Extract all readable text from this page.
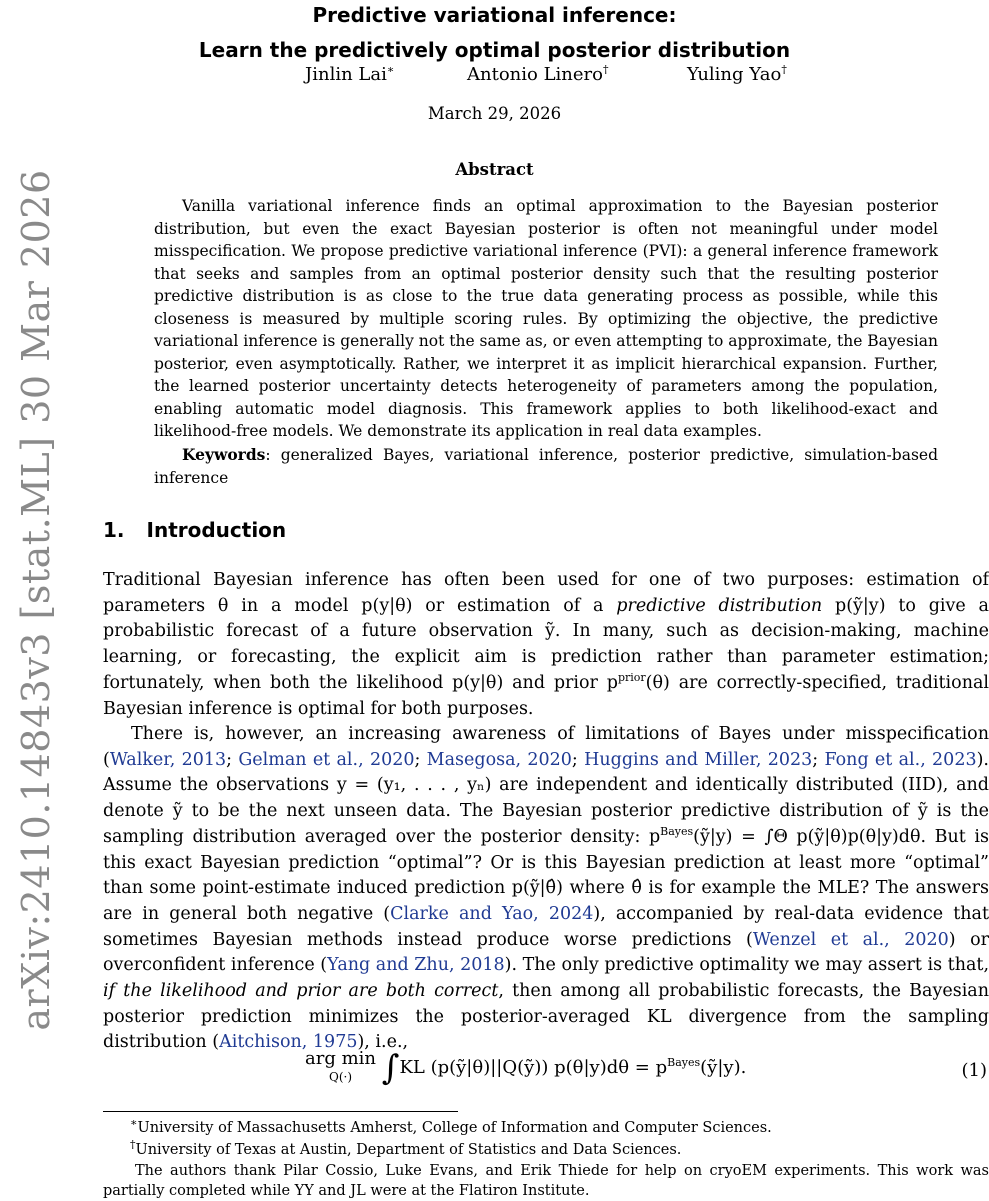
arXiv:2410.14843v3 [stat.ML] 30 Mar 2026
Predictive variational inference:
Learn the predictively optimal posterior distribution
Jinlin Lai∗	Antonio Linero†	Yuling Yao†
March 29, 2026
Abstract

Vanilla variational inference finds an optimal approximation to the Bayesian posterior distribution, but even the exact Bayesian posterior is often not meaningful under model misspecification. We propose predictive variational inference (PVI): a general inference framework that seeks and samples from an optimal posterior density such that the resulting posterior predictive distribution is as close to the true data generating process as possible, while this closeness is measured by multiple scoring rules. By optimizing the objective, the predictive variational inference is generally not the same as, or even attempting to approximate, the Bayesian posterior, even asymptotically. Rather, we interpret it as implicit hierarchical expansion. Further, the learned posterior uncertainty detects heterogeneity of parameters among the population, enabling automatic model diagnosis. This framework applies to both likelihood-exact and likelihood-free models. We demonstrate its application in real data examples.

Keywords: generalized Bayes, variational inference, posterior predictive, simulation-based inference

1. Introduction

Traditional Bayesian inference has often been used for one of two purposes: estimation of parameters θ in a model p(y|θ) or estimation of a predictive distribution p(ỹ|y) to give a probabilistic forecast of a future observation ỹ. In many, such as decision-making, machine learning, or forecasting, the explicit aim is prediction rather than parameter estimation; fortunately, when both the likelihood p(y|θ) and prior $p^{prior}(\theta)$ are correctly-specified, traditional Bayesian inference is optimal for both purposes.

There is, however, an increasing awareness of limitations of Bayes under misspecification (Walker, 2013; Gelman et al., 2020; Masegosa, 2020; Huggins and Miller, 2023; Fong et al., 2023). Assume the observations y = (y₁, . . . , yₙ) are independent and identically distributed (IID), and denote ỹ to be the next unseen data. The Bayesian posterior predictive distribution of ỹ is the sampling distribution averaged over the posterior density: $p^{Bayes}(ỹ|y) = \int\Theta$ p(ỹ|θ)p(θ|y)dθ. But is this exact Bayesian prediction “optimal”? Or is this Bayesian prediction at least more “optimal” than some point-estimate induced prediction p(ỹ|θ̂) where θ̂ is for example the MLE? The answers are in general both negative (Clarke and Yao, 2024), accompanied by real-data evidence that sometimes Bayesian methods instead produce worse predictions (Wenzel et al., 2020) or overconfident inference (Yang and Zhu, 2018). The only predictive optimality we may assert is that, if the likelihood and prior are both correct, then among all probabilistic forecasts, the Bayesian posterior prediction minimizes the posterior-averaged KL divergence from the sampling distribution (Aitchison, 1975), i.e.,

arg min
Q(·) ∫KL (p(ỹ|θ)||Q(ỹ)) $p(\theta|y)d\theta = p^{Bayes}(ỹ|y)$.	(1)

∗University of Massachusetts Amherst, College of Information and Computer Sciences.

†University of Texas at Austin, Department of Statistics and Data Sciences.

The authors thank Pilar Cossio, Luke Evans, and Erik Thiede for help on cryoEM experiments. This work was partially completed while YY and JL were at the Flatiron Institute.
